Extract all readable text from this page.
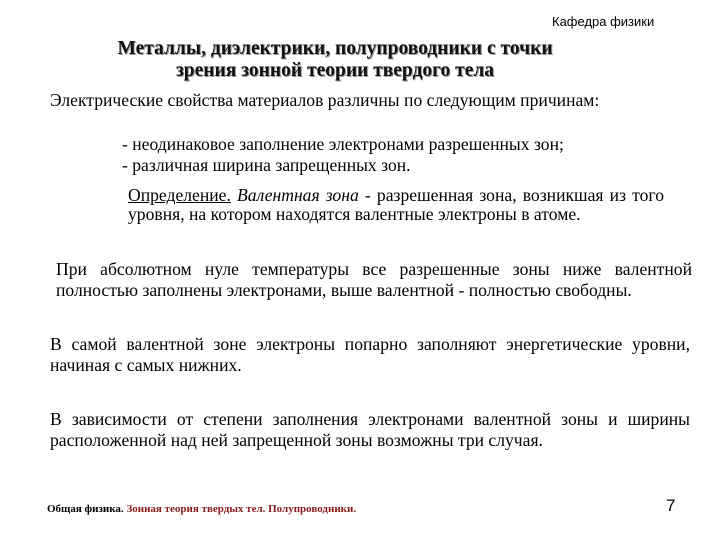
Кафедра физики
Металлы, диэлектрики, полупроводники с точки
зрения зонной теории твердого тела

Электрические свойства материалов различны по следующим причинам:

- неодинаковое заполнение электронами разрешенных зон;

- различная ширина запрещенных зон.

Определение. Валентная зона - разрешенная зона, возникшая из того уровня, на котором находятся валентные электроны в атоме.

При абсолютном нуле температуры все разрешенные зоны ниже валентной полностью заполнены электронами, выше валентной - полностью свободны.

В самой валентной зоне электроны попарно заполняют энергетические уровни, начиная с самых нижних.

В зависимости от степени заполнения электронами валентной зоны и ширины расположенной над ней запрещенной зоны возможны три случая.

Общая физика. Зонная теория твердых тел. Полупроводники.	7
